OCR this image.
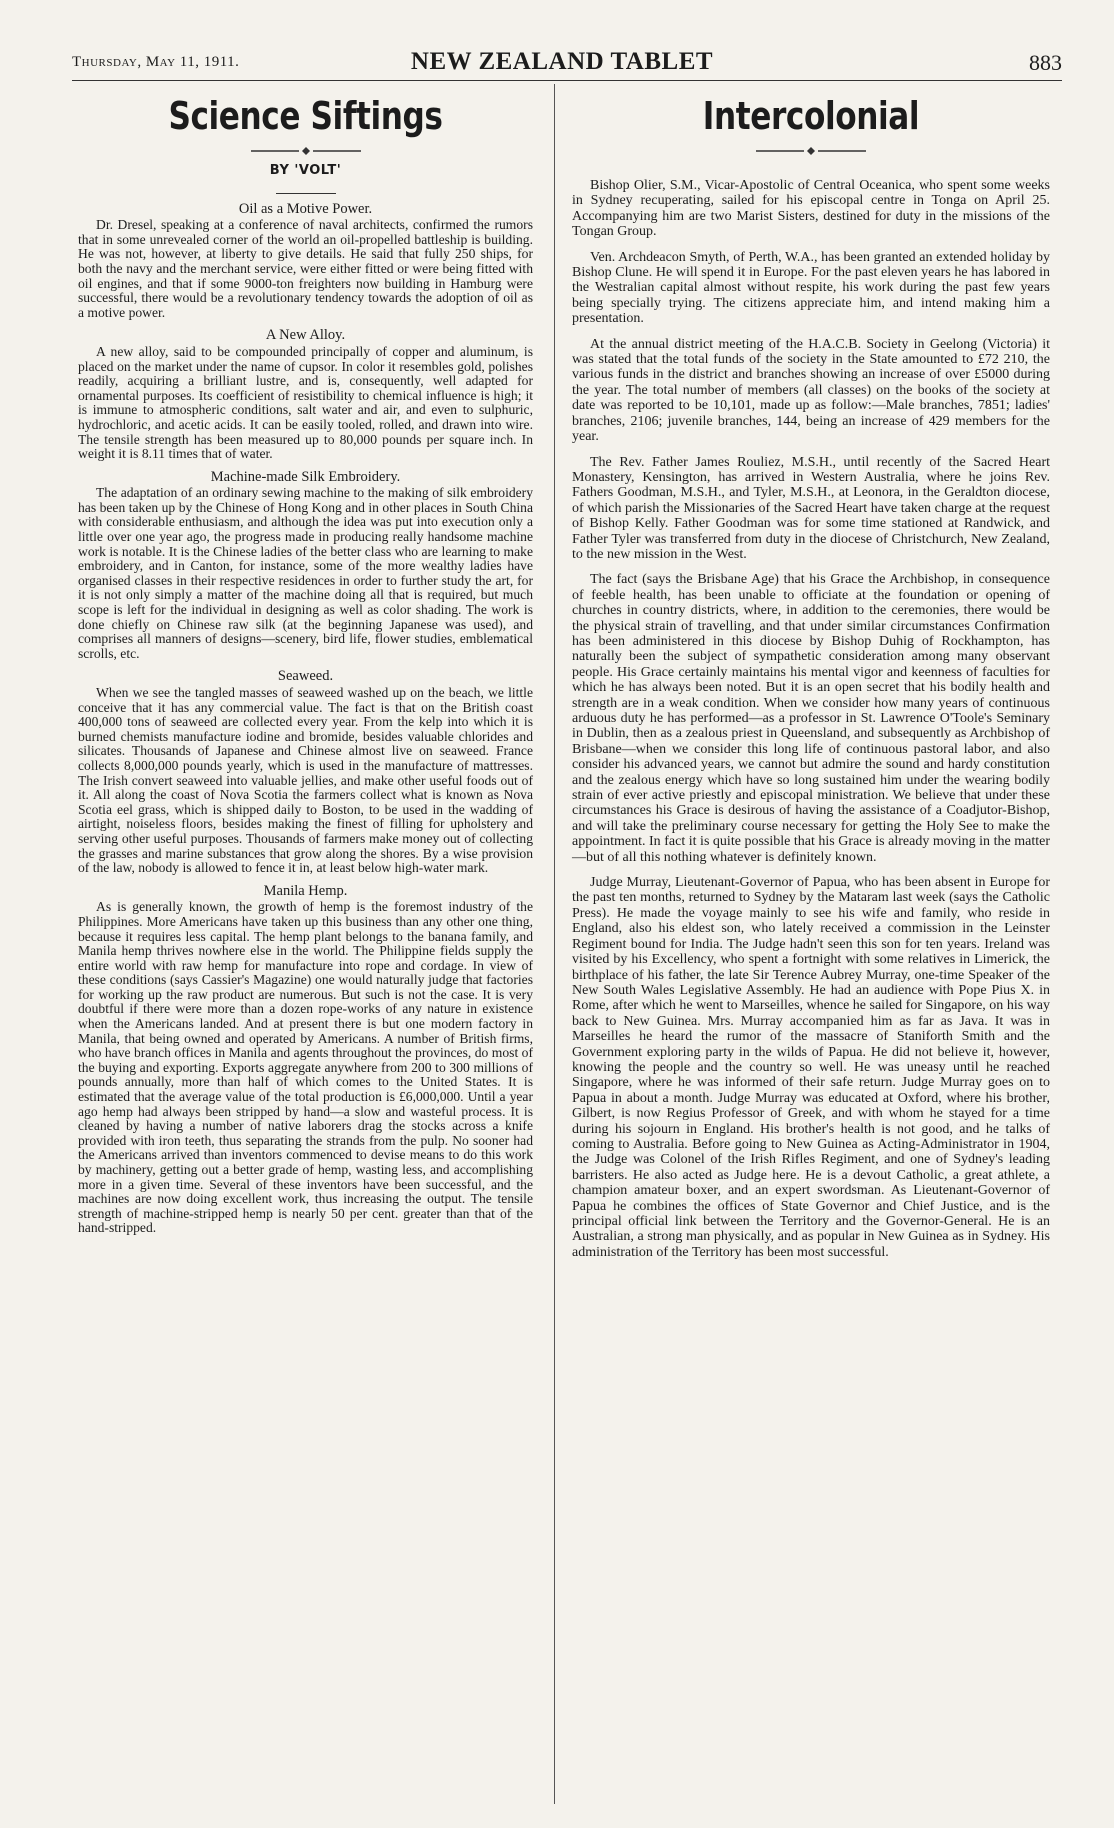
Thursday, May 11, 1911.	NEW ZEALAND TABLET	883
Science Siftings
BY 'VOLT'
Oil as a Motive Power.

Dr. Dresel, speaking at a conference of naval architects, confirmed the rumors that in some unrevealed corner of the world an oil-propelled battleship is building. He was not, however, at liberty to give details. He said that fully 250 ships, for both the navy and the merchant service, were either fitted or were being fitted with oil engines, and that if some 9000-ton freighters now building in Hamburg were successful, there would be a revolutionary tendency towards the adoption of oil as a motive power.

A New Alloy.

A new alloy, said to be compounded principally of copper and aluminum, is placed on the market under the name of cupsor. In color it resembles gold, polishes readily, acquiring a brilliant lustre, and is, consequently, well adapted for ornamental purposes. Its coefficient of resistibility to chemical influence is high; it is immune to atmospheric conditions, salt water and air, and even to sulphuric, hydrochloric, and acetic acids. It can be easily tooled, rolled, and drawn into wire. The tensile strength has been measured up to 80,000 pounds per square inch. In weight it is 8.11 times that of water.

Machine-made Silk Embroidery.

The adaptation of an ordinary sewing machine to the making of silk embroidery has been taken up by the Chinese of Hong Kong and in other places in South China with considerable enthusiasm, and although the idea was put into execution only a little over one year ago, the progress made in producing really handsome machine work is notable. It is the Chinese ladies of the better class who are learning to make embroidery, and in Canton, for instance, some of the more wealthy ladies have organised classes in their respective residences in order to further study the art, for it is not only simply a matter of the machine doing all that is required, but much scope is left for the individual in designing as well as color shading. The work is done chiefly on Chinese raw silk (at the beginning Japanese was used), and comprises all manners of designs—scenery, bird life, flower studies, emblematical scrolls, etc.

Seaweed.

When we see the tangled masses of seaweed washed up on the beach, we little conceive that it has any commercial value. The fact is that on the British coast 400,000 tons of seaweed are collected every year. From the kelp into which it is burned chemists manufacture iodine and bromide, besides valuable chlorides and silicates. Thousands of Japanese and Chinese almost live on seaweed. France collects 8,000,000 pounds yearly, which is used in the manufacture of mattresses. The Irish convert seaweed into valuable jellies, and make other useful foods out of it. All along the coast of Nova Scotia the farmers collect what is known as Nova Scotia eel grass, which is shipped daily to Boston, to be used in the wadding of airtight, noiseless floors, besides making the finest of filling for upholstery and serving other useful purposes. Thousands of farmers make money out of collecting the grasses and marine substances that grow along the shores. By a wise provision of the law, nobody is allowed to fence it in, at least below high-water mark.

Manila Hemp.

As is generally known, the growth of hemp is the foremost industry of the Philippines. More Americans have taken up this business than any other one thing, because it requires less capital. The hemp plant belongs to the banana family, and Manila hemp thrives nowhere else in the world. The Philippine fields supply the entire world with raw hemp for manufacture into rope and cordage. In view of these conditions (says Cassier's Magazine) one would naturally judge that factories for working up the raw product are numerous. But such is not the case. It is very doubtful if there were more than a dozen rope-works of any nature in existence when the Americans landed. And at present there is but one modern factory in Manila, that being owned and operated by Americans. A number of British firms, who have branch offices in Manila and agents throughout the provinces, do most of the buying and exporting. Exports aggregate anywhere from 200 to 300 millions of pounds annually, more than half of which comes to the United States. It is estimated that the average value of the total production is £6,000,000. Until a year ago hemp had always been stripped by hand—a slow and wasteful process. It is cleaned by having a number of native laborers drag the stocks across a knife provided with iron teeth, thus separating the strands from the pulp. No sooner had the Americans arrived than inventors commenced to devise means to do this work by machinery, getting out a better grade of hemp, wasting less, and accomplishing more in a given time. Several of these inventors have been successful, and the machines are now doing excellent work, thus increasing the output. The tensile strength of machine-stripped hemp is nearly 50 per cent. greater than that of the hand-stripped.

Intercolonial

Bishop Olier, S.M., Vicar-Apostolic of Central Oceanica, who spent some weeks in Sydney recuperating, sailed for his episcopal centre in Tonga on April 25. Accompanying him are two Marist Sisters, destined for duty in the missions of the Tongan Group.

Ven. Archdeacon Smyth, of Perth, W.A., has been granted an extended holiday by Bishop Clune. He will spend it in Europe. For the past eleven years he has labored in the Westralian capital almost without respite, his work during the past few years being specially trying. The citizens appreciate him, and intend making him a presentation.

At the annual district meeting of the H.A.C.B. Society in Geelong (Victoria) it was stated that the total funds of the society in the State amounted to £72 210, the various funds in the district and branches showing an increase of over £5000 during the year. The total number of members (all classes) on the books of the society at date was reported to be 10,101, made up as follow:—Male branches, 7851; ladies' branches, 2106; juvenile branches, 144, being an increase of 429 members for the year.

The Rev. Father James Rouliez, M.S.H., until recently of the Sacred Heart Monastery, Kensington, has arrived in Western Australia, where he joins Rev. Fathers Goodman, M.S.H., and Tyler, M.S.H., at Leonora, in the Geraldton diocese, of which parish the Missionaries of the Sacred Heart have taken charge at the request of Bishop Kelly. Father Goodman was for some time stationed at Randwick, and Father Tyler was transferred from duty in the diocese of Christchurch, New Zealand, to the new mission in the West.

The fact (says the Brisbane Age) that his Grace the Archbishop, in consequence of feeble health, has been unable to officiate at the foundation or opening of churches in country districts, where, in addition to the ceremonies, there would be the physical strain of travelling, and that under similar circumstances Confirmation has been administered in this diocese by Bishop Duhig of Rockhampton, has naturally been the subject of sympathetic consideration among many observant people. His Grace certainly maintains his mental vigor and keenness of faculties for which he has always been noted. But it is an open secret that his bodily health and strength are in a weak condition. When we consider how many years of continuous arduous duty he has performed—as a professor in St. Lawrence O'Toole's Seminary in Dublin, then as a zealous priest in Queensland, and subsequently as Archbishop of Brisbane—when we consider this long life of continuous pastoral labor, and also consider his advanced years, we cannot but admire the sound and hardy constitution and the zealous energy which have so long sustained him under the wearing bodily strain of ever active priestly and episcopal ministration. We believe that under these circumstances his Grace is desirous of having the assistance of a Coadjutor-Bishop, and will take the preliminary course necessary for getting the Holy See to make the appointment. In fact it is quite possible that his Grace is already moving in the matter—but of all this nothing whatever is definitely known.

Judge Murray, Lieutenant-Governor of Papua, who has been absent in Europe for the past ten months, returned to Sydney by the Mataram last week (says the Catholic Press). He made the voyage mainly to see his wife and family, who reside in England, also his eldest son, who lately received a commission in the Leinster Regiment bound for India. The Judge hadn't seen this son for ten years. Ireland was visited by his Excellency, who spent a fortnight with some relatives in Limerick, the birthplace of his father, the late Sir Terence Aubrey Murray, one-time Speaker of the New South Wales Legislative Assembly. He had an audience with Pope Pius X. in Rome, after which he went to Marseilles, whence he sailed for Singapore, on his way back to New Guinea. Mrs. Murray accompanied him as far as Java. It was in Marseilles he heard the rumor of the massacre of Staniforth Smith and the Government exploring party in the wilds of Papua. He did not believe it, however, knowing the people and the country so well. He was uneasy until he reached Singapore, where he was informed of their safe return. Judge Murray goes on to Papua in about a month. Judge Murray was educated at Oxford, where his brother, Gilbert, is now Regius Professor of Greek, and with whom he stayed for a time during his sojourn in England. His brother's health is not good, and he talks of coming to Australia. Before going to New Guinea as Acting-Administrator in 1904, the Judge was Colonel of the Irish Rifles Regiment, and one of Sydney's leading barristers. He also acted as Judge here. He is a devout Catholic, a great athlete, a champion amateur boxer, and an expert swordsman. As Lieutenant-Governor of Papua he combines the offices of State Governor and Chief Justice, and is the principal official link between the Territory and the Governor-General. He is an Australian, a strong man physically, and as popular in New Guinea as in Sydney. His administration of the Territory has been most successful.
